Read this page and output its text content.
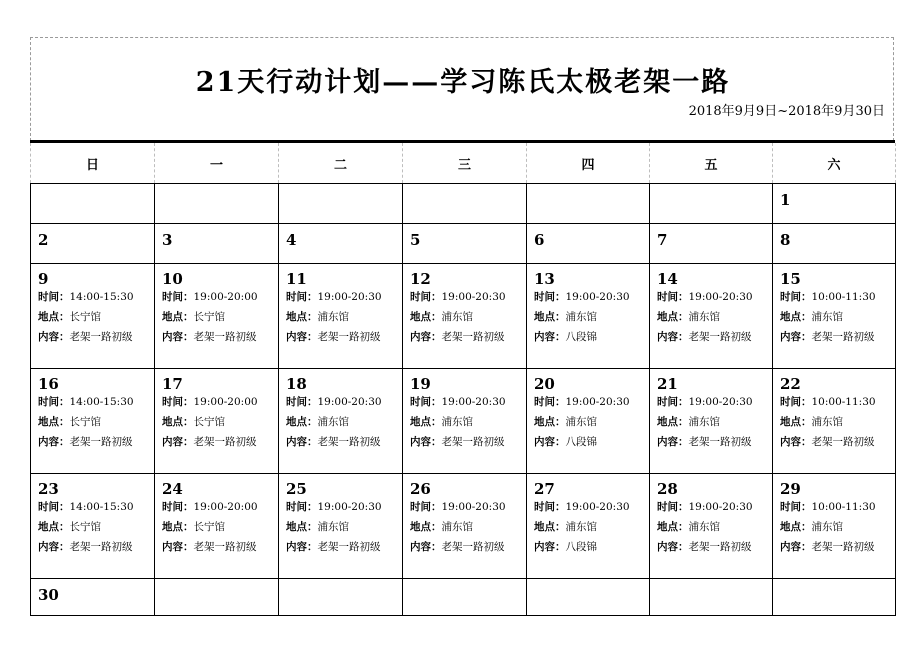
21天行动计划——学习陈氏太极老架一路
2018年9月9日~2018年9月30日
日	一	二	三	四	五	六

						1

2	3	4	5	6	7	8

9
时间：14:00-15:30
地点：长宁馆
内容：老架一路初级	10
时间：19:00-20:00
地点：长宁馆
内容：老架一路初级	11
时间：19:00-20:30
地点：浦东馆
内容：老架一路初级	12
时间：19:00-20:30
地点：浦东馆
内容：老架一路初级	13
时间：19:00-20:30
地点：浦东馆
内容：八段锦	14
时间：19:00-20:30
地点：浦东馆
内容：老架一路初级	15
时间：10:00-11:30
地点：浦东馆
内容：老架一路初级

16
时间：14:00-15:30
地点：长宁馆
内容：老架一路初级	17
时间：19:00-20:00
地点：长宁馆
内容：老架一路初级	18
时间：19:00-20:30
地点：浦东馆
内容：老架一路初级	19
时间：19:00-20:30
地点：浦东馆
内容：老架一路初级	20
时间：19:00-20:30
地点：浦东馆
内容：八段锦	21
时间：19:00-20:30
地点：浦东馆
内容：老架一路初级	22
时间：10:00-11:30
地点：浦东馆
内容：老架一路初级

23
时间：14:00-15:30
地点：长宁馆
内容：老架一路初级	24
时间：19:00-20:00
地点：长宁馆
内容：老架一路初级	25
时间：19:00-20:30
地点：浦东馆
内容：老架一路初级	26
时间：19:00-20:30
地点：浦东馆
内容：老架一路初级	27
时间：19:00-20:30
地点：浦东馆
内容：八段锦	28
时间：19:00-20:30
地点：浦东馆
内容：老架一路初级	29
时间：10:00-11:30
地点：浦东馆
内容：老架一路初级

30						
